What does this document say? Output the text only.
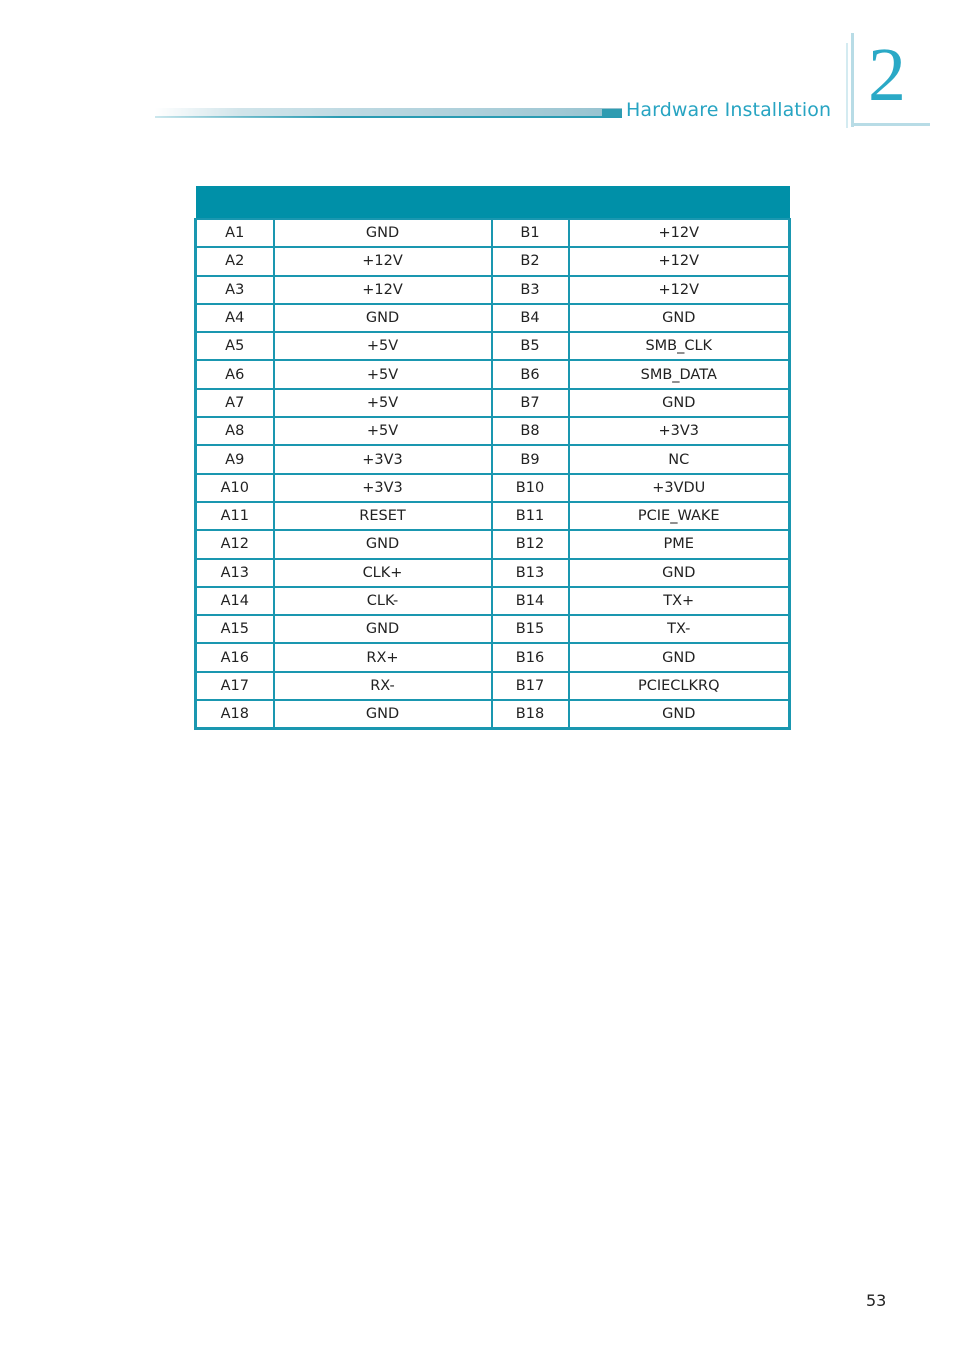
Hardware Installation 2

A1	GND	B1	+12V
A2	+12V	B2	+12V
A3	+12V	B3	+12V
A4	GND	B4	GND
A5	+5V	B5	SMB_CLK
A6	+5V	B6	SMB_DATA
A7	+5V	B7	GND
A8	+5V	B8	+3V3
A9	+3V3	B9	NC
A10	+3V3	B10	+3VDU
A11	RESET	B11	PCIE_WAKE
A12	GND	B12	PME
A13	CLK+	B13	GND
A14	CLK-	B14	TX+
A15	GND	B15	TX-
A16	RX+	B16	GND
A17	RX-	B17	PCIECLKRQ
A18	GND	B18	GND
53
